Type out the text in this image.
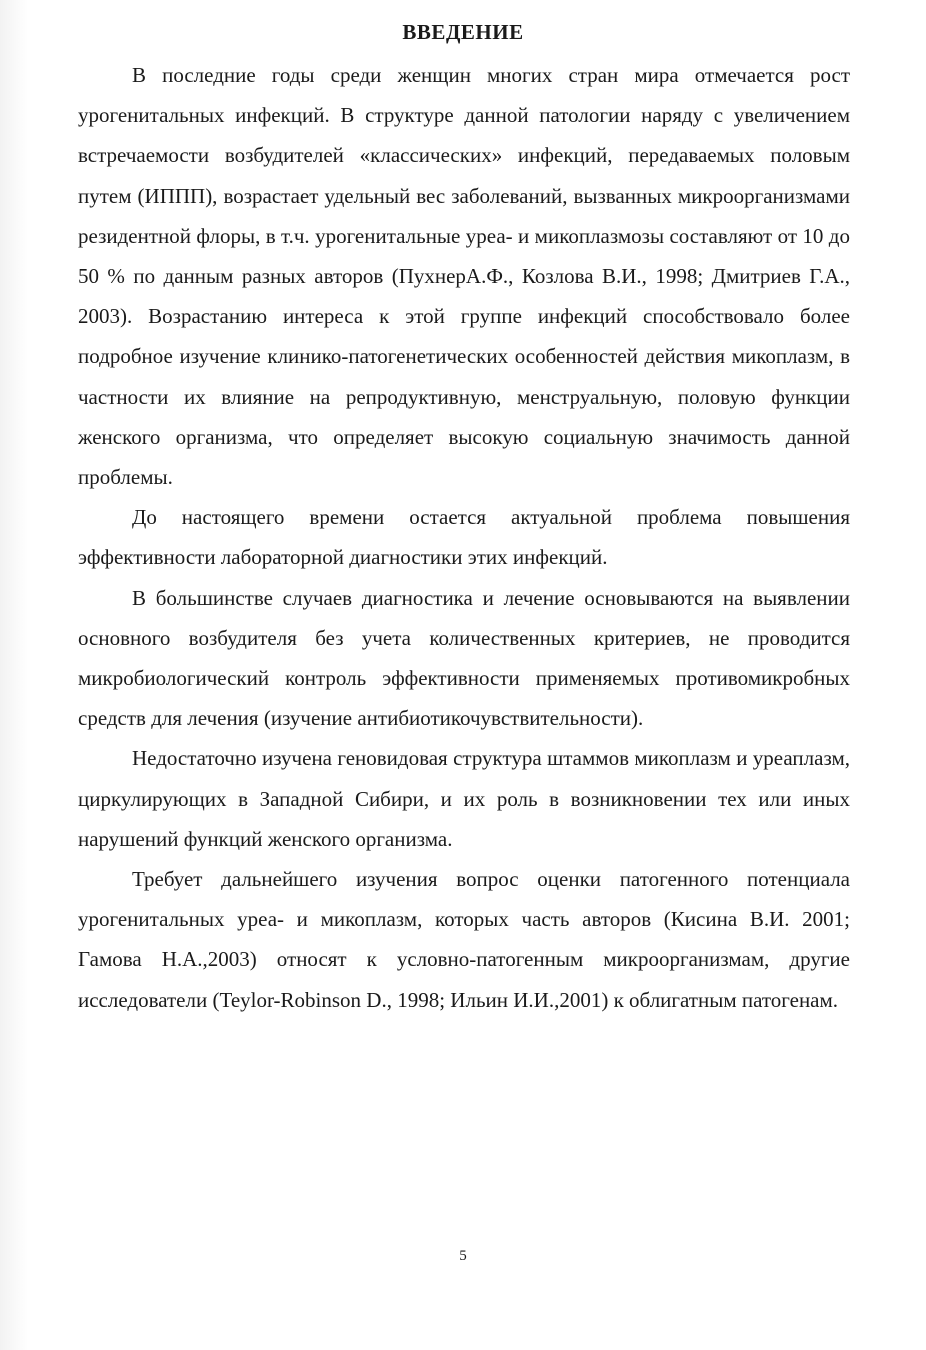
ВВЕДЕНИЕ

В последние годы среди женщин многих стран мира отмечается рост урогенитальных инфекций. В структуре данной патологии наряду с увеличением встречаемости возбудителей «классических» инфекций, передаваемых половым путем (ИППП), возрастает удельный вес заболеваний, вызванных микроорганизмами резидентной флоры, в т.ч. урогенитальные уреа- и микоплазмозы составляют от 10 до 50 % по данным разных авторов (ПухнерА.Ф., Козлова В.И., 1998; Дмитриев Г.А., 2003). Возрастанию интереса к этой группе инфекций способствовало более подробное изучение клинико-патогенетических особенностей действия микоплазм, в частности их влияние на репродуктивную, менструальную, половую функции женского организма, что определяет высокую социальную значимость данной проблемы.

До настоящего времени остается актуальной проблема повышения эффективности лабораторной диагностики этих инфекций.

В большинстве случаев диагностика и лечение основываются на выявлении основного возбудителя без учета количественных критериев, не проводится микробиологический контроль эффективности применяемых противомикробных средств для лечения (изучение антибиотикочувствительности).

Недостаточно изучена геновидовая структура штаммов микоплазм и уреаплазм, циркулирующих в Западной Сибири, и их роль в возникновении тех или иных нарушений функций женского организма.

Требует дальнейшего изучения вопрос оценки патогенного потенциала урогенитальных уреа- и микоплазм, которых часть авторов (Кисина В.И. 2001; Гамова Н.А.,2003) относят к условно-патогенным микроорганизмам, другие исследователи (Teylor-Robinson D., 1998; Ильин И.И.,2001) к облигатным патогенам.

5
